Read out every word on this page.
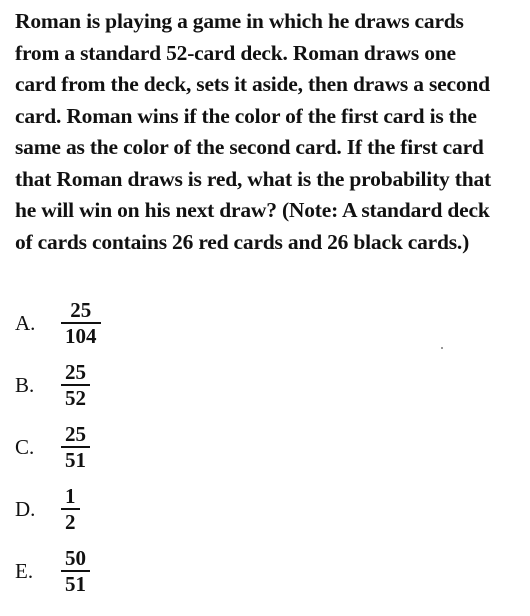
Roman is playing a game in which he draws cards
from a standard 52-card deck. Roman draws one
card from the deck, sets it aside, then draws a second
card. Roman wins if the color of the first card is the
same as the color of the second card. If the first card
that Roman draws is red, what is the probability that
he will win on his next draw? (Note: A standard deck
of cards contains 26 red cards and 26 black cards.)
A.	$\frac{25}{104}$
B.	$\frac{25}{52}$
C.	$\frac{25}{51}$
D.	$\frac{1}{2}$
E.	$\frac{50}{51}$
